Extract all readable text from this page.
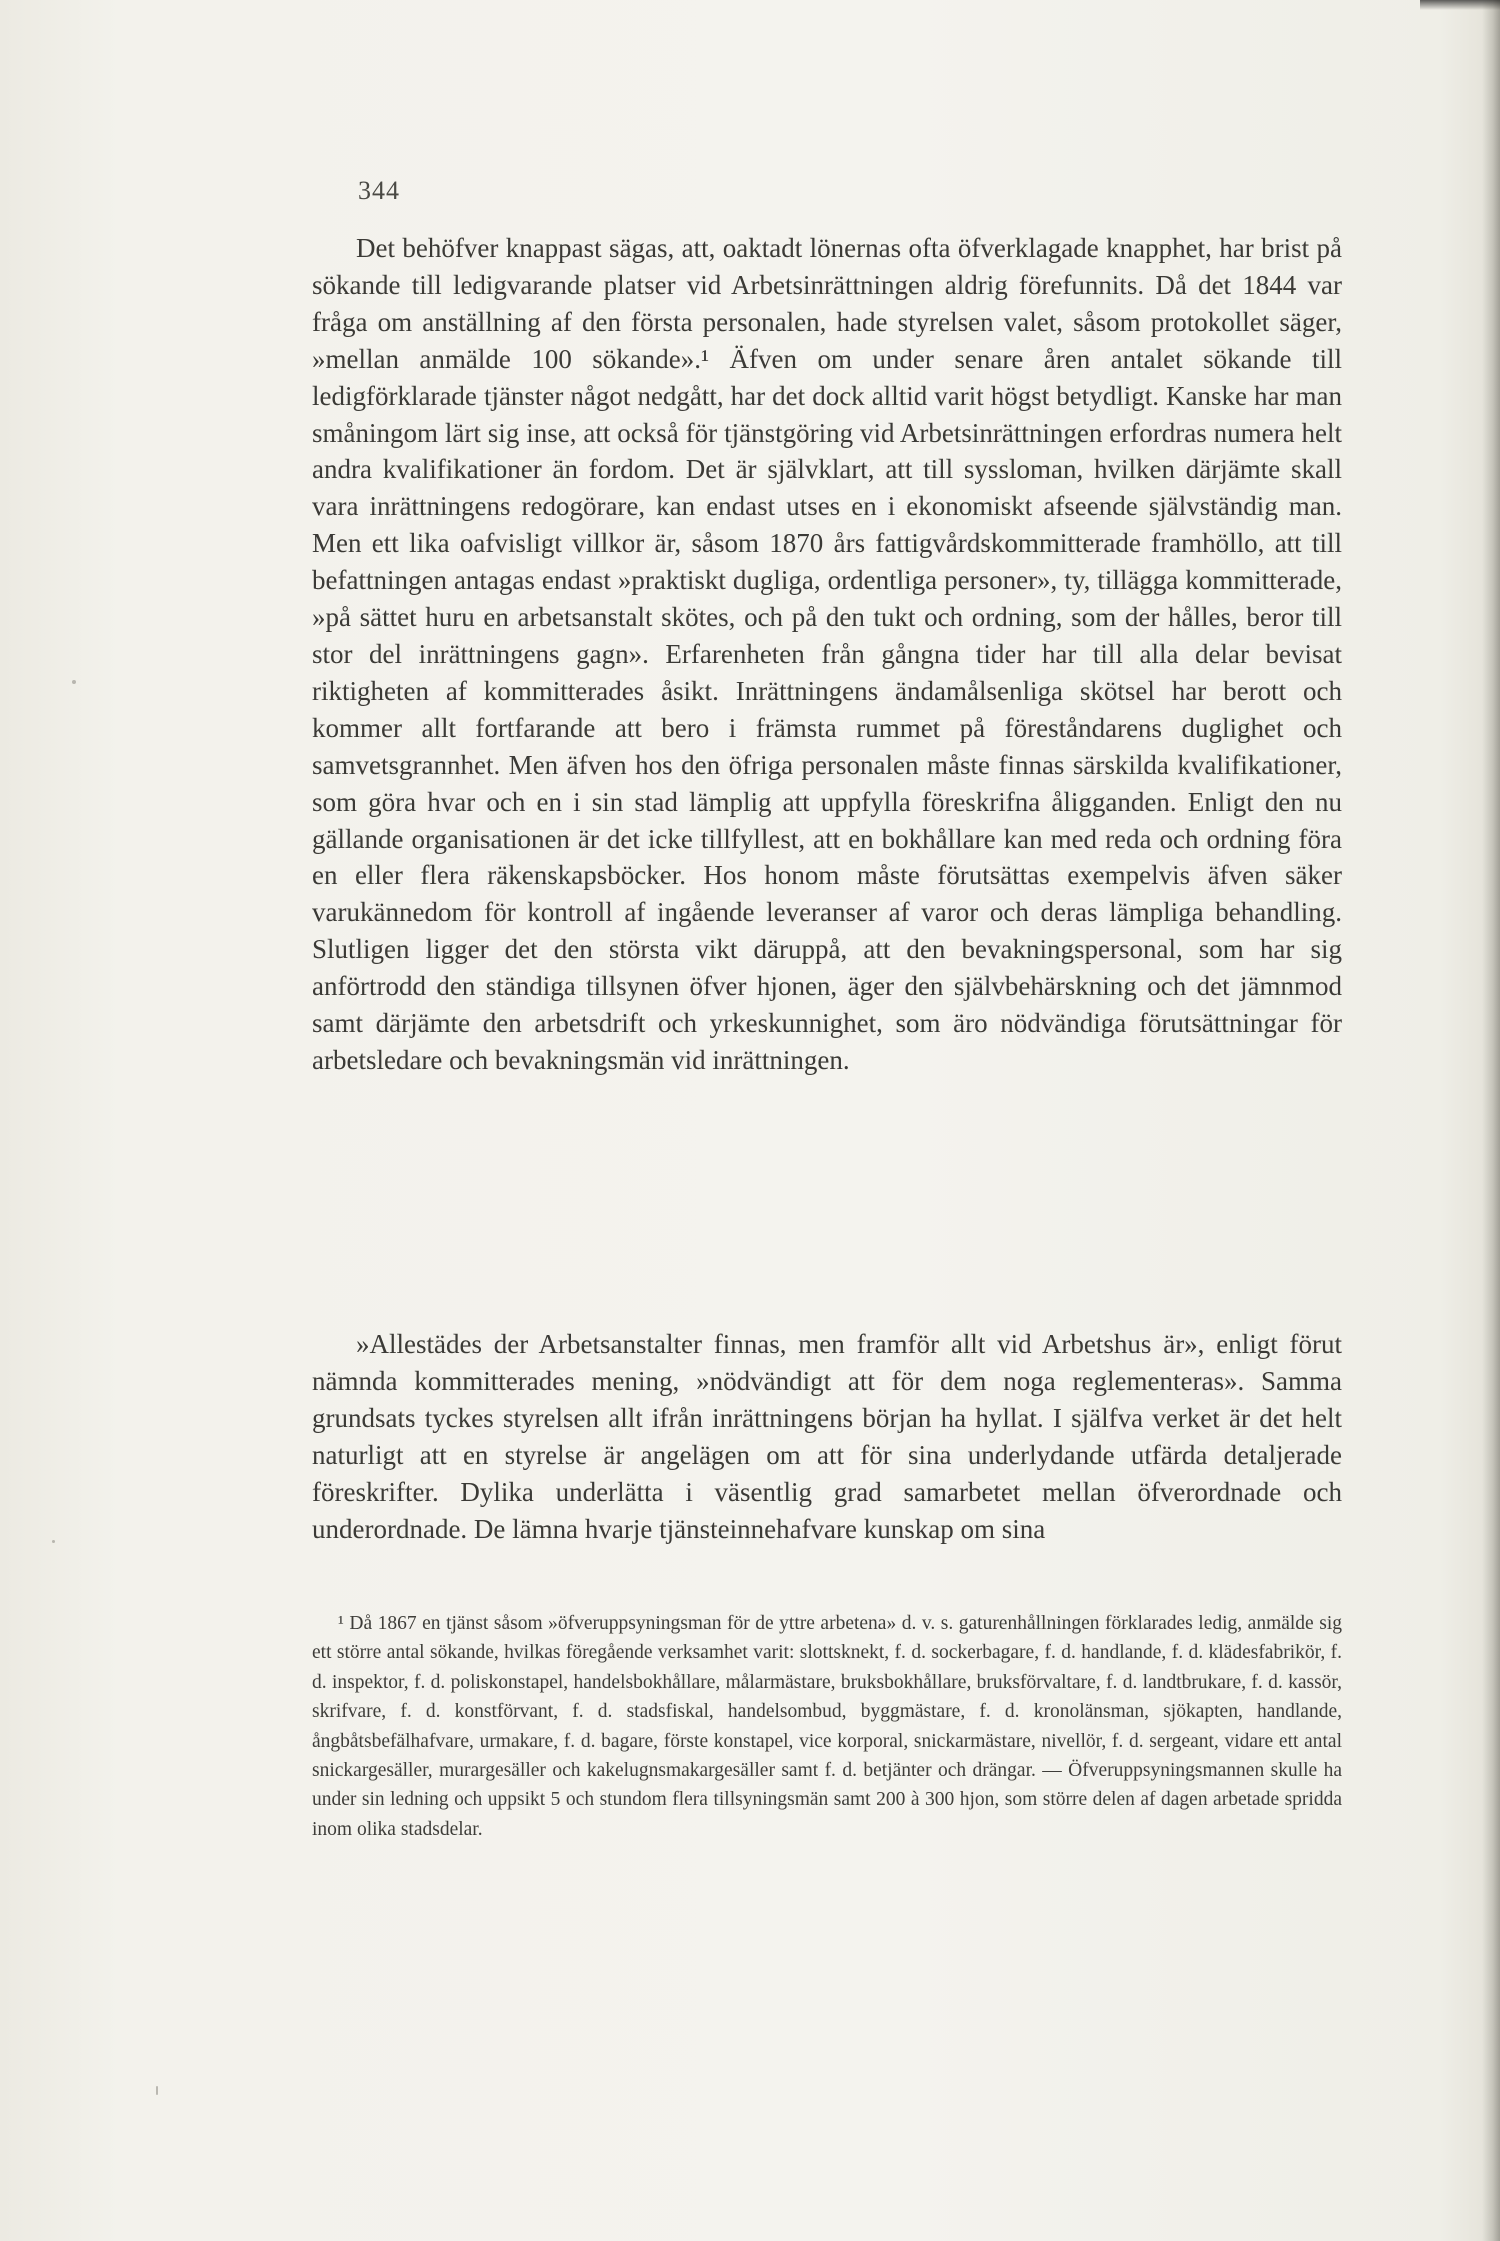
344

Det behöfver knappast sägas, att, oaktadt lönernas ofta öfverklagade knapphet, har brist på sökande till ledigvarande platser vid Arbetsinrättningen aldrig förefunnits. Då det 1844 var fråga om anställning af den första personalen, hade styrelsen valet, såsom protokollet säger, »mellan anmälde 100 sökande».¹ Äfven om under senare åren antalet sökande till ledigförklarade tjänster något nedgått, har det dock alltid varit högst betydligt. Kanske har man småningom lärt sig inse, att också för tjänstgöring vid Arbetsinrättningen erfordras numera helt andra kvalifikationer än fordom. Det är självklart, att till syssloman, hvilken därjämte skall vara inrättningens redogörare, kan endast utses en i ekonomiskt afseende självständig man. Men ett lika oafvisligt villkor är, såsom 1870 års fattigvårdskommitterade framhöllo, att till befattningen antagas endast »praktiskt dugliga, ordentliga personer», ty, tillägga kommitterade, »på sättet huru en arbetsanstalt skötes, och på den tukt och ordning, som der hålles, beror till stor del inrättningens gagn». Erfarenheten från gångna tider har till alla delar bevisat riktigheten af kommitterades åsikt. Inrättningens ändamålsenliga skötsel har berott och kommer allt fortfarande att bero i främsta rummet på föreståndarens duglighet och samvetsgrannhet. Men äfven hos den öfriga personalen måste finnas särskilda kvalifikationer, som göra hvar och en i sin stad lämplig att uppfylla föreskrifna åligganden. Enligt den nu gällande organisationen är det icke tillfyllest, att en bokhållare kan med reda och ordning föra en eller flera räkenskapsböcker. Hos honom måste förutsättas exempelvis äfven säker varukännedom för kontroll af ingående leveranser af varor och deras lämpliga behandling. Slutligen ligger det den största vikt däruppå, att den bevakningspersonal, som har sig anförtrodd den ständiga tillsynen öfver hjonen, äger den självbehärskning och det jämnmod samt därjämte den arbetsdrift och yrkeskunnighet, som äro nödvändiga förutsättningar för arbetsledare och bevakningsmän vid inrättningen.

»Allestädes der Arbetsanstalter finnas, men framför allt vid Arbetshus är», enligt förut nämnda kommitterades mening, »nödvändigt att för dem noga reglementeras». Samma grundsats tyckes styrelsen allt ifrån inrättningens början ha hyllat. I själfva verket är det helt naturligt att en styrelse är angelägen om att för sina underlydande utfärda detaljerade föreskrifter. Dylika underlätta i väsentlig grad samarbetet mellan öfverordnade och underordnade. De lämna hvarje tjänsteinnehafvare kunskap om sina

¹ Då 1867 en tjänst såsom »öfveruppsyningsman för de yttre arbetena» d. v. s. gaturenhållningen förklarades ledig, anmälde sig ett större antal sökande, hvilkas föregående verksamhet varit: slottsknekt, f. d. sockerbagare, f. d. handlande, f. d. klädesfabrikör, f. d. inspektor, f. d. poliskonstapel, handelsbokhållare, målarmästare, bruksbokhållare, bruksförvaltare, f. d. landtbrukare, f. d. kassör, skrifvare, f. d. konstförvant, f. d. stadsfiskal, handelsombud, byggmästare, f. d. kronolänsman, sjökapten, handlande, ångbåtsbefälhafvare, urmakare, f. d. bagare, förste konstapel, vice korporal, snickarmästare, nivellör, f. d. sergeant, vidare ett antal snickargesäller, murargesäller och kakelugnsmakargesäller samt f. d. betjänter och drängar. — Öfveruppsyningsmannen skulle ha under sin ledning och uppsikt 5 och stundom flera tillsyningsmän samt 200 à 300 hjon, som större delen af dagen arbetade spridda inom olika stadsdelar.
